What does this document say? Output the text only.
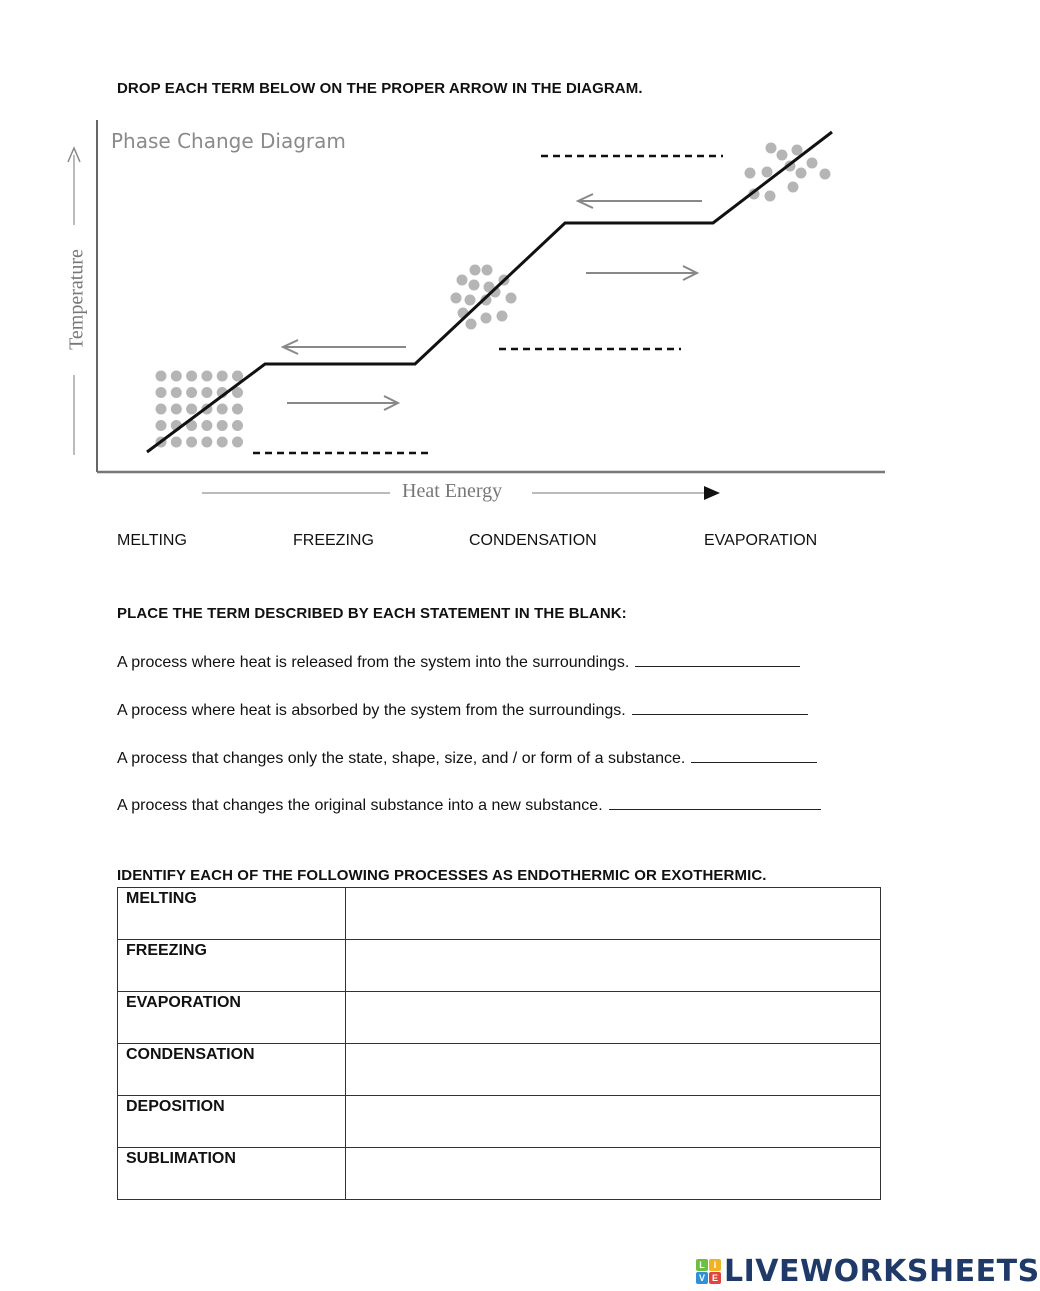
DROP EACH TERM BELOW ON THE PROPER ARROW IN THE DIAGRAM.
Phase Change Diagram
Temperature
Heat Energy
MELTING	FREEZING	CONDENSATION	EVAPORATION
PLACE THE TERM DESCRIBED BY EACH STATEMENT IN THE BLANK:
A process where heat is released from the system into the surroundings.
A process where heat is absorbed by the system from the surroundings.
A process that changes only the state, shape, size, and / or form of a substance.
A process that changes the original substance into a new substance.
IDENTIFY EACH OF THE FOLLOWING PROCESSES AS ENDOTHERMIC OR EXOTHERMIC.
MELTING	
FREEZING	
EVAPORATION	
CONDENSATION	
DEPOSITION	
SUBLIMATION	
L I
V E LIVEWORKSHEETS
